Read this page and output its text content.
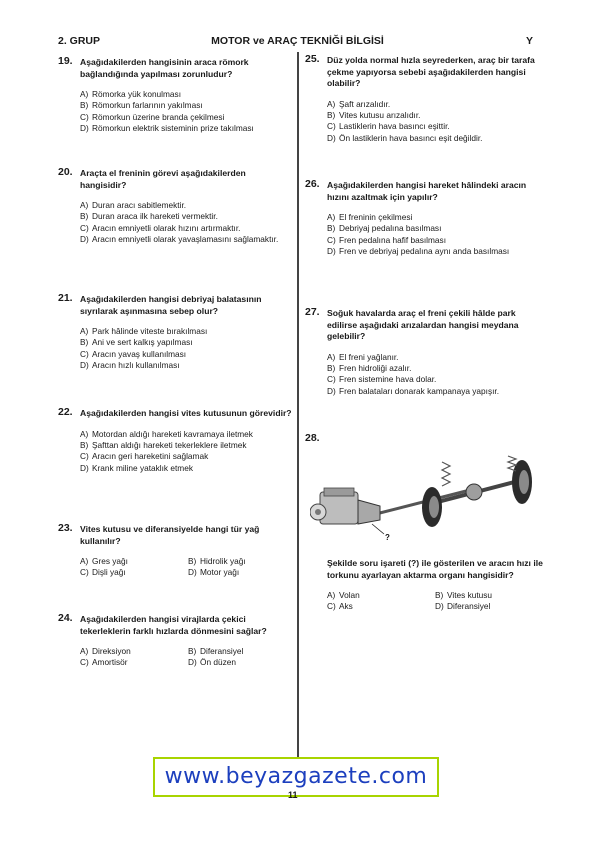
2. GRUP	MOTOR ve ARAÇ TEKNİĞİ BİLGİSİ	Y
19. Aşağıdakilerden hangisinin araca römork bağlandığında yapılması zorunludur?
A) Römorka yük konulması
B) Römorkun farlarının yakılması
C) Römorkun üzerine branda çekilmesi
D) Römorkun elektrik sisteminin prize takılması
20. Araçta el freninin görevi aşağıdakilerden hangisidir?
A) Duran aracı sabitlemektir.
B) Duran araca ilk hareketi vermektir.
C) Aracın emniyetli olarak hızını artırmaktır.
D) Aracın emniyetli olarak yavaşlamasını sağlamaktır.
21. Aşağıdakilerden hangisi debriyaj balatasının sıyrılarak aşınmasına sebep olur?
A) Park hâlinde viteste bırakılması
B) Ani ve sert kalkış yapılması
C) Aracın yavaş kullanılması
D) Aracın hızlı kullanılması
22. Aşağıdakilerden hangisi vites kutusunun görevidir?
A) Motordan aldığı hareketi kavramaya iletmek
B) Şafttan aldığı hareketi tekerleklere iletmek
C) Aracın geri hareketini sağlamak
D) Krank miline yataklık etmek
23. Vites kutusu ve diferansiyelde hangi tür yağ kullanılır?
A) Gres yağı	B) Hidrolik yağı
C) Dişli yağı	D) Motor yağı
24. Aşağıdakilerden hangisi virajlarda çekici tekerleklerin farklı hızlarda dönmesini sağlar?
A) Direksiyon	B) Diferansiyel
C) Amortisör	D) Ön düzen
25. Düz yolda normal hızla seyrederken, araç bir tarafa çekme yapıyorsa sebebi aşağıdakilerden hangisi olabilir?
A) Şaft arızalıdır.
B) Vites kutusu arızalıdır.
C) Lastiklerin hava basıncı eşittir.
D) Ön lastiklerin hava basıncı eşit değildir.
26. Aşağıdakilerden hangisi hareket hâlindeki aracın hızını azaltmak için yapılır?
A) El freninin çekilmesi
B) Debriyaj pedalına basılması
C) Fren pedalına hafif basılması
D) Fren ve debriyaj pedalına aynı anda basılması
27. Soğuk havalarda araç el freni çekili hâlde park edilirse aşağıdaki arızalardan hangisi meydana gelebilir?
A) El freni yağlanır.
B) Fren hidroliği azalır.
C) Fren sistemine hava dolar.
D) Fren balataları donarak kampanaya yapışır.
28.
Şekilde soru işareti (?) ile gösterilen ve aracın hızı ile torkunu ayarlayan aktarma organı hangisidir?
A) Volan	B) Vites kutusu
C) Aks	D) Diferansiyel
?
www.beyazgazete.com
11
